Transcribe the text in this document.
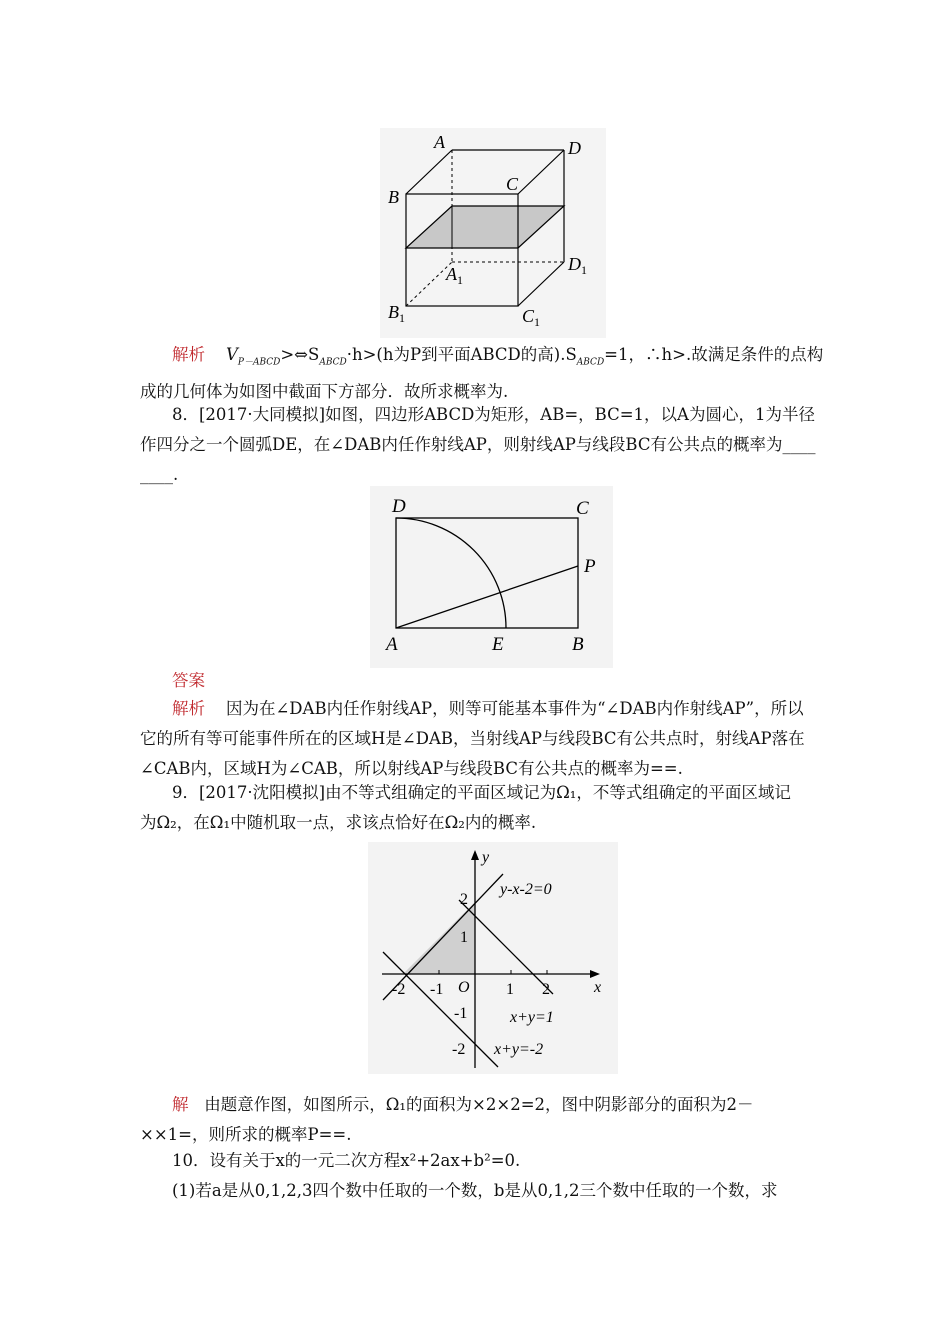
A	D
B
C
$A_1$
$D_1$
$B_1$	$C_1$
解析 $V_{P-ABCD}>\Leftrightarrow S_{ABCD}\cdot h>(h$为P到平面ABCD的高)$.S_{ABCD}=1$，∴h>.故满足条件的点构
成的几何体为如图中截面下方部分．故所求概率为.
8．[2017·大同模拟]如图，四边形ABCD为矩形，AB=，BC=1，以A为圆心，1为半径
作四分之一个圆弧DE，在∠DAB内任作射线AP，则射线AP与线段BC有公共点的概率为____
____.
D	C
P
A	E	B
答案
解析 因为在∠DAB内任作射线AP，则等可能基本事件为“∠DAB内作射线AP”，所以
它的所有等可能事件所在的区域H是∠DAB，当射线AP与线段BC有公共点时，射线AP落在
∠CAB内，区域H为∠CAB，所以射线AP与线段BC有公共点的概率为==.
9．[2017·沈阳模拟]由不等式组确定的平面区域记为Ω₁，不等式组确定的平面区域记
为Ω₂，在Ω₁中随机取一点，求该点恰好在Ω₂内的概率.
y
x
O
2
1
-1
-2
-2 -1	1 2
y-x-2=0
x+y=1
x+y=-2
解 由题意作图，如图所示，Ω₁的面积为×2×2=2，图中阴影部分的面积为2－
××1=，则所求的概率P==.
10．设有关于x的一元二次方程x²+2ax+b²=0.
(1)若a是从0,1,2,3四个数中任取的一个数，b是从0,1,2三个数中任取的一个数，求
